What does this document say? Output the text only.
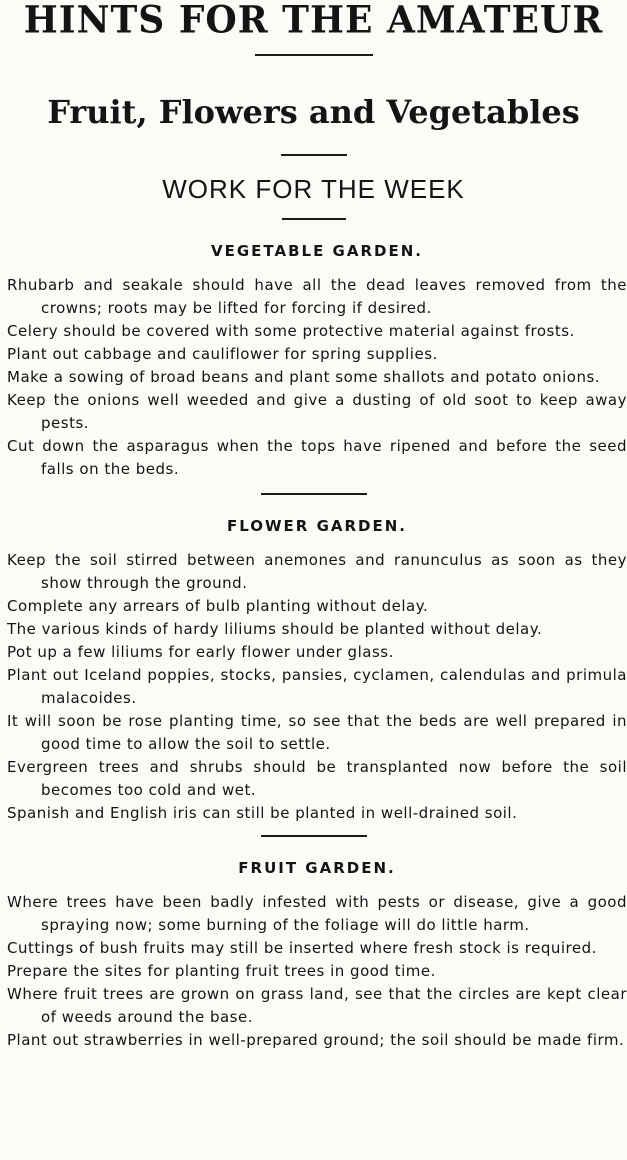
HINTS FOR THE AMATEUR
Fruit, Flowers and Vegetables
WORK FOR THE WEEK
VEGETABLE GARDEN.
Rhubarb and seakale should have all the dead leaves removed from the crowns; roots may be lifted for forcing if desired.
Celery should be covered with some protective material against frosts.
Plant out cabbage and cauliflower for spring supplies.
Make a sowing of broad beans and plant some shallots and potato onions.
Keep the onions well weeded and give a dusting of old soot to keep away pests.
Cut down the asparagus when the tops have ripened and before the seed falls on the beds.
FLOWER GARDEN.
Keep the soil stirred between anemones and ranunculus as soon as they show through the ground.
Complete any arrears of bulb planting without delay.
The various kinds of hardy liliums should be planted without delay.
Pot up a few liliums for early flower under glass.
Plant out Iceland poppies, stocks, pansies, cyclamen, calendulas and primula malacoides.
It will soon be rose planting time, so see that the beds are well prepared in good time to allow the soil to settle.
Evergreen trees and shrubs should be transplanted now before the soil becomes too cold and wet.
Spanish and English iris can still be planted in well-drained soil.
FRUIT GARDEN.
Where trees have been badly infested with pests or disease, give a good spraying now; some burning of the foliage will do little harm.
Cuttings of bush fruits may still be inserted where fresh stock is required.
Prepare the sites for planting fruit trees in good time.
Where fruit trees are grown on grass land, see that the circles are kept clear of weeds around the base.
Plant out strawberries in well-prepared ground; the soil should be made firm.
